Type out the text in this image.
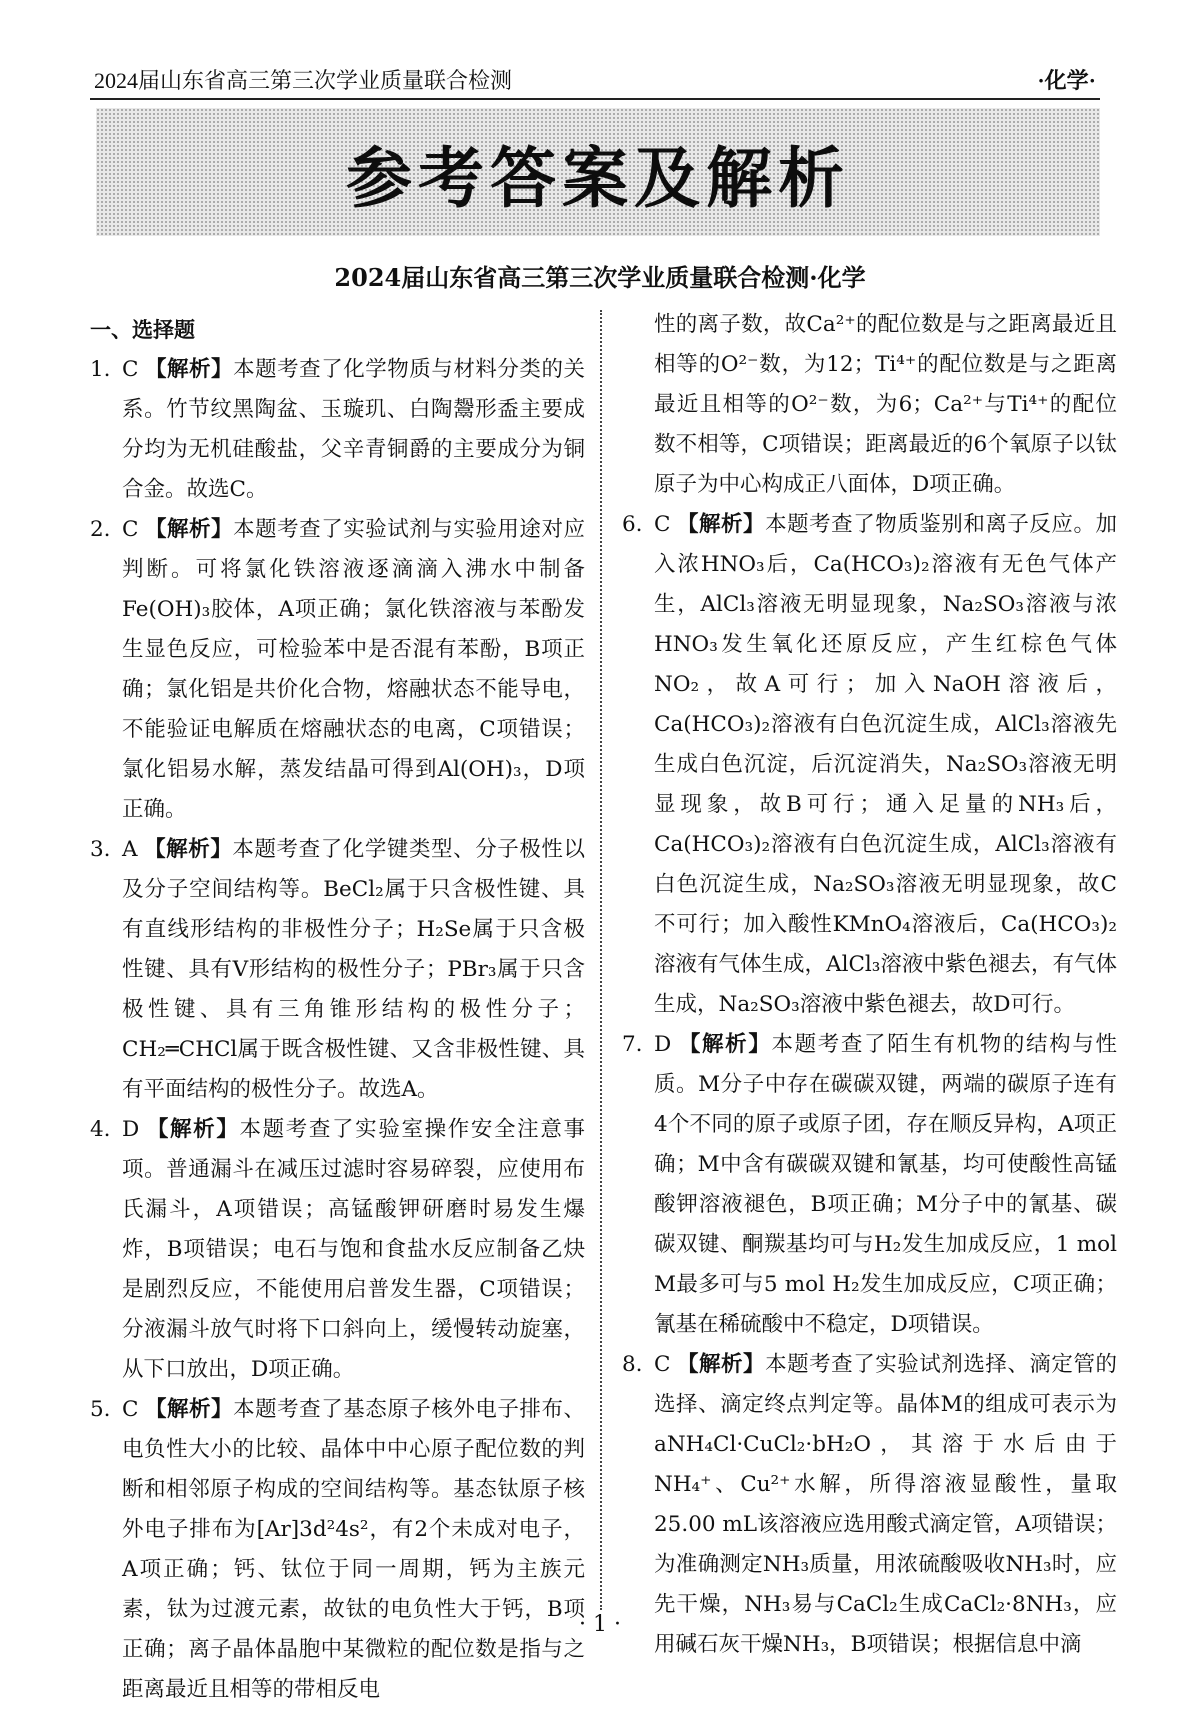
2024届山东省高三第三次学业质量联合检测	·化学·
参考答案及解析
2024届山东省高三第三次学业质量联合检测·化学
一、选择题
1. C 【解析】本题考查了化学物质与材料分类的关系。竹节纹黑陶盆、玉璇玑、白陶鬶形盉主要成分均为无机硅酸盐，父辛青铜爵的主要成分为铜合金。故选C。
2. C 【解析】本题考查了实验试剂与实验用途对应判断。可将氯化铁溶液逐滴滴入沸水中制备Fe(OH)₃胶体，A项正确；氯化铁溶液与苯酚发生显色反应，可检验苯中是否混有苯酚，B项正确；氯化铝是共价化合物，熔融状态不能导电，不能验证电解质在熔融状态的电离，C项错误；氯化铝易水解，蒸发结晶可得到Al(OH)₃，D项正确。
3. A 【解析】本题考查了化学键类型、分子极性以及分子空间结构等。BeCl₂属于只含极性键、具有直线形结构的非极性分子；H₂Se属于只含极性键、具有V形结构的极性分子；PBr₃属于只含极性键、具有三角锥形结构的极性分子；CH₂═CHCl属于既含极性键、又含非极性键、具有平面结构的极性分子。故选A。
4. D 【解析】本题考查了实验室操作安全注意事项。普通漏斗在减压过滤时容易碎裂，应使用布氏漏斗，A项错误；高锰酸钾研磨时易发生爆炸，B项错误；电石与饱和食盐水反应制备乙炔是剧烈反应，不能使用启普发生器，C项错误；分液漏斗放气时将下口斜向上，缓慢转动旋塞，从下口放出，D项正确。
5. C 【解析】本题考查了基态原子核外电子排布、电负性大小的比较、晶体中中心原子配位数的判断和相邻原子构成的空间结构等。基态钛原子核外电子排布为[Ar]3d²4s²，有2个未成对电子，A项正确；钙、钛位于同一周期，钙为主族元素，钛为过渡元素，故钛的电负性大于钙，B项正确；离子晶体晶胞中某微粒的配位数是指与之距离最近且相等的带相反电
性的离子数，故Ca²⁺的配位数是与之距离最近且相等的O²⁻数，为12；Ti⁴⁺的配位数是与之距离最近且相等的O²⁻数，为6；Ca²⁺与Ti⁴⁺的配位数不相等，C项错误；距离最近的6个氧原子以钛原子为中心构成正八面体，D项正确。
6. C 【解析】本题考查了物质鉴别和离子反应。加入浓HNO₃后，Ca(HCO₃)₂溶液有无色气体产生，AlCl₃溶液无明显现象，Na₂SO₃溶液与浓HNO₃发生氧化还原反应，产生红棕色气体NO₂，故A可行；加入NaOH溶液后，Ca(HCO₃)₂溶液有白色沉淀生成，AlCl₃溶液先生成白色沉淀，后沉淀消失，Na₂SO₃溶液无明显现象，故B可行；通入足量的NH₃后，Ca(HCO₃)₂溶液有白色沉淀生成，AlCl₃溶液有白色沉淀生成，Na₂SO₃溶液无明显现象，故C不可行；加入酸性KMnO₄溶液后，Ca(HCO₃)₂溶液有气体生成，AlCl₃溶液中紫色褪去，有气体生成，Na₂SO₃溶液中紫色褪去，故D可行。
7. D 【解析】本题考查了陌生有机物的结构与性质。M分子中存在碳碳双键，两端的碳原子连有4个不同的原子或原子团，存在顺反异构，A项正确；M中含有碳碳双键和氰基，均可使酸性高锰酸钾溶液褪色，B项正确；M分子中的氰基、碳碳双键、酮羰基均可与H₂发生加成反应，1 mol M最多可与5 mol H₂发生加成反应，C项正确；氰基在稀硫酸中不稳定，D项错误。
8. C 【解析】本题考查了实验试剂选择、滴定管的选择、滴定终点判定等。晶体M的组成可表示为aNH₄Cl·CuCl₂·bH₂O，其溶于水后由于NH₄⁺、Cu²⁺水解，所得溶液显酸性，量取25.00 mL该溶液应选用酸式滴定管，A项错误；为准确测定NH₃质量，用浓硫酸吸收NH₃时，应先干燥，NH₃易与CaCl₂生成CaCl₂·8NH₃，应用碱石灰干燥NH₃，B项错误；根据信息中滴
· 1 ·
